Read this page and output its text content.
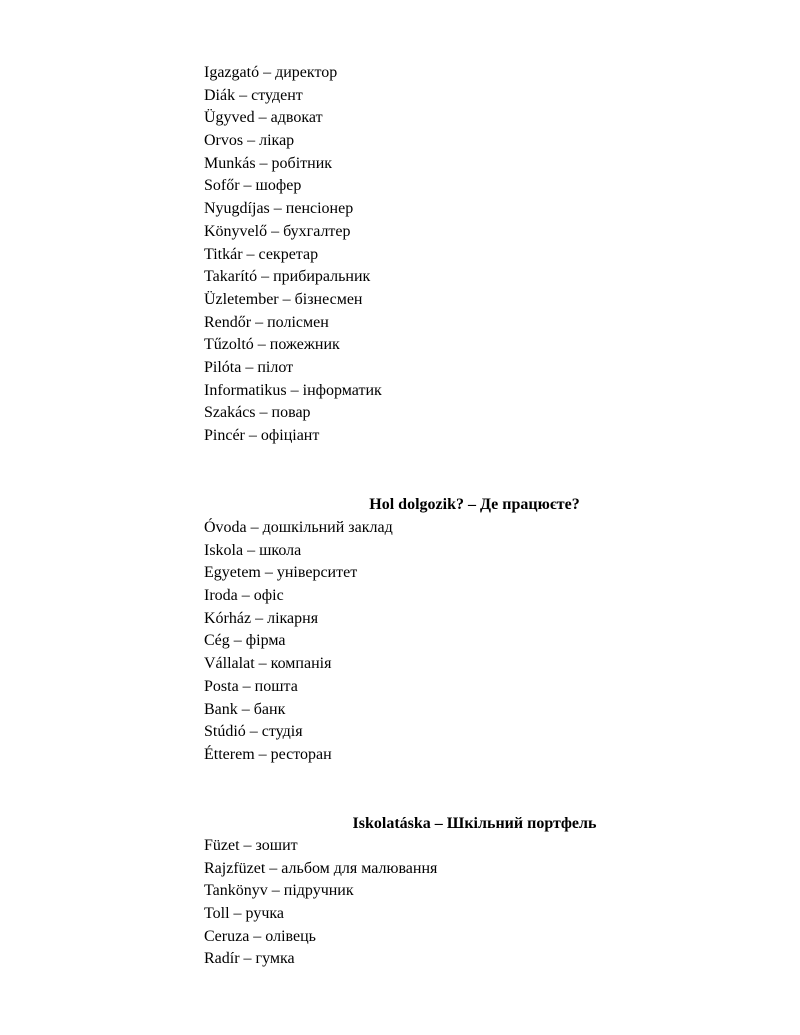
Igazgató – директор
Diák – студент
Ügyved – адвокат
Orvos – лікар
Munkás – робітник
Sofőr – шофер
Nyugdíjas – пенсіонер
Könyvelő – бухгалтер
Titkár – секретар
Takarító – прибиральник
Üzletember – бізнесмен
Rendőr – полісмен
Tűzoltó – пожежник
Pilóta – пілот
Informatikus – інформатик
Szakács – повар
Pincér – офіціант
Hol dolgozik? – Де працюєте?
Óvoda – дошкільний заклад
Iskola – школа
Egyetem – університет
Iroda – офіс
Kórház – лікарня
Cég – фірма
Vállalat – компанія
Posta – пошта
Bank – банк
Stúdió – студія
Étterem – ресторан
Iskolatáska – Шкільний портфель
Füzet – зошит
Rajzfüzet – альбом для малювання
Tankönyv – підручник
Toll – ручка
Ceruza – олівець
Radír – гумка
